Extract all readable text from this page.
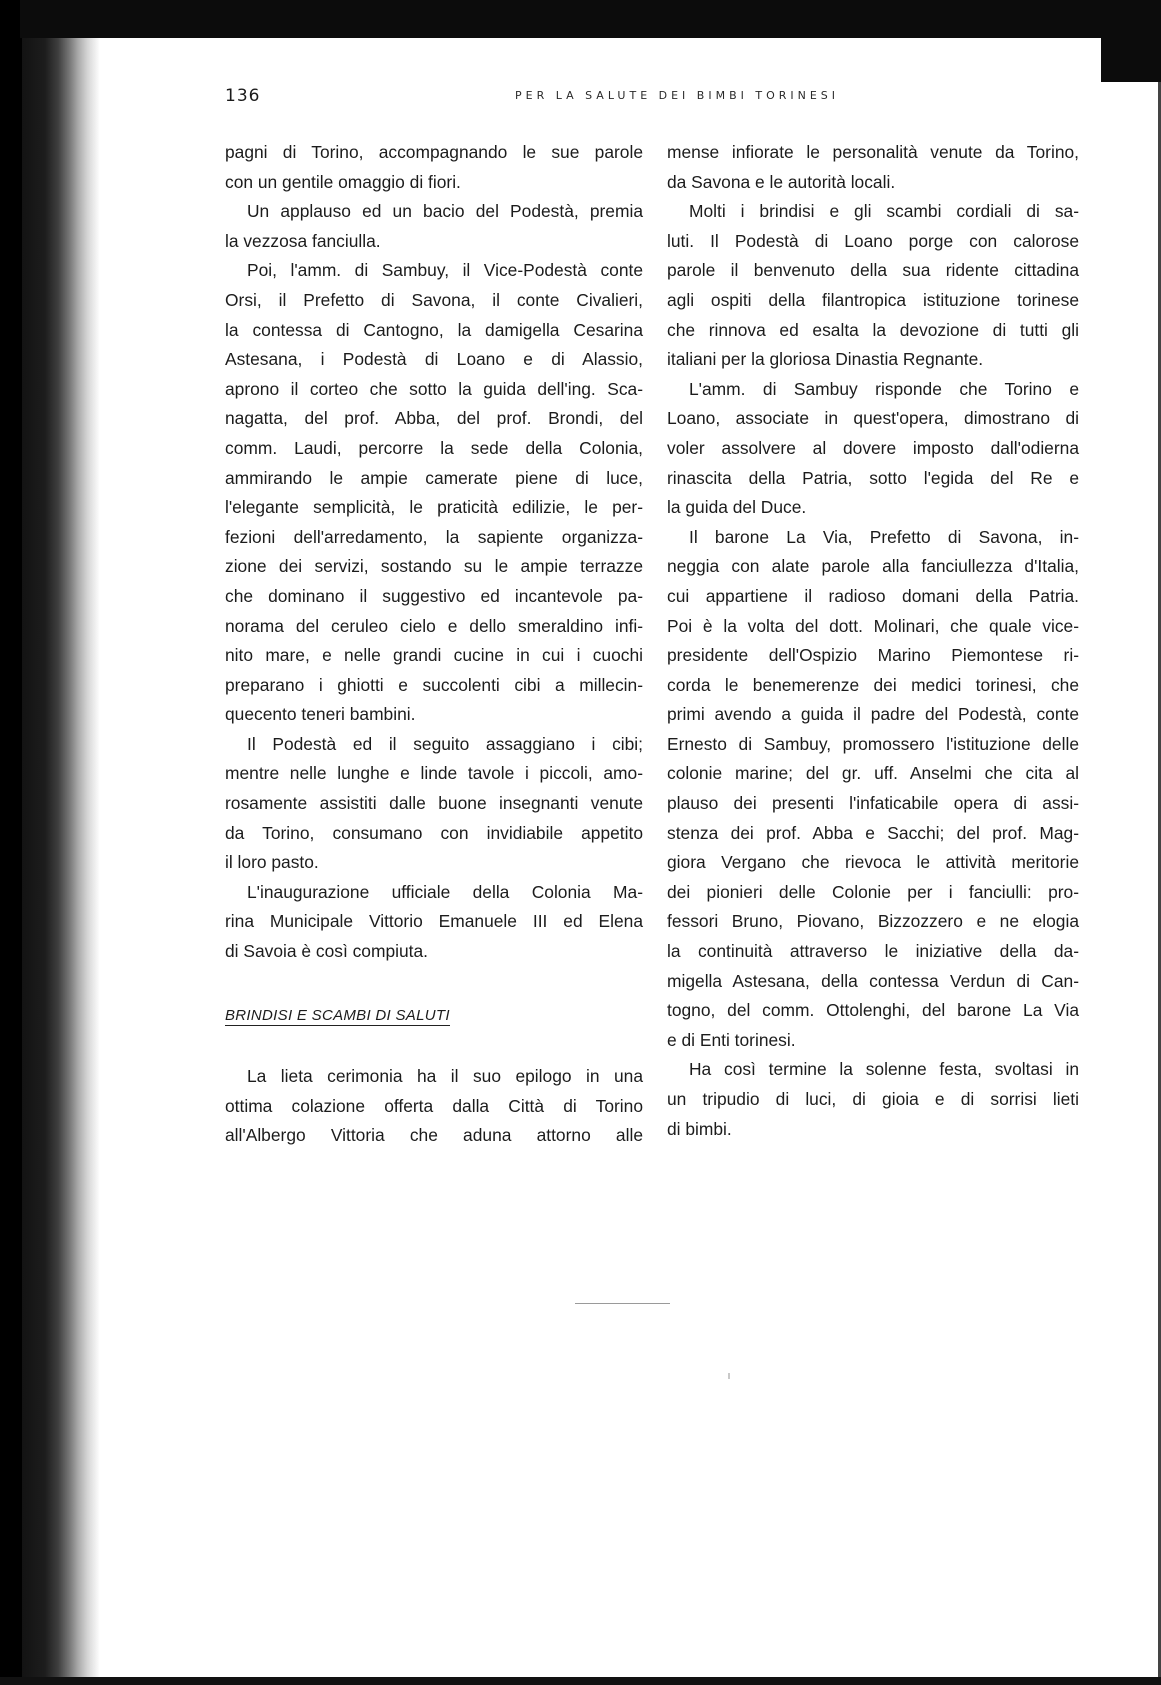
136	PER LA SALUTE DEI BIMBI TORINESI
pagni di Torino, accompagnando le sue parole
con un gentile omaggio di fiori.
Un applauso ed un bacio del Podestà, premia
la vezzosa fanciulla.
Poi, l'amm. di Sambuy, il Vice-Podestà conte
Orsi, il Prefetto di Savona, il conte Civalieri,
la contessa di Cantogno, la damigella Cesarina
Astesana, i Podestà di Loano e di Alassio,
aprono il corteo che sotto la guida dell'ing. Sca-
nagatta, del prof. Abba, del prof. Brondi, del
comm. Laudi, percorre la sede della Colonia,
ammirando le ampie camerate piene di luce,
l'elegante semplicità, le praticità edilizie, le per-
fezioni dell'arredamento, la sapiente organizza-
zione dei servizi, sostando su le ampie terrazze
che dominano il suggestivo ed incantevole pa-
norama del ceruleo cielo e dello smeraldino infi-
nito mare, e nelle grandi cucine in cui i cuochi
preparano i ghiotti e succolenti cibi a millecin-
quecento teneri bambini.
Il Podestà ed il seguito assaggiano i cibi;
mentre nelle lunghe e linde tavole i piccoli, amo-
rosamente assistiti dalle buone insegnanti venute
da Torino, consumano con invidiabile appetito
il loro pasto.
L'inaugurazione ufficiale della Colonia Ma-
rina Municipale Vittorio Emanuele III ed Elena
di Savoia è così compiuta.
BRINDISI E SCAMBI DI SALUTI
La lieta cerimonia ha il suo epilogo in una
ottima colazione offerta dalla Città di Torino
all'Albergo Vittoria che aduna attorno alle
mense infiorate le personalità venute da Torino,
da Savona e le autorità locali.
Molti i brindisi e gli scambi cordiali di sa-
luti. Il Podestà di Loano porge con calorose
parole il benvenuto della sua ridente cittadina
agli ospiti della filantropica istituzione torinese
che rinnova ed esalta la devozione di tutti gli
italiani per la gloriosa Dinastia Regnante.
L'amm. di Sambuy risponde che Torino e
Loano, associate in quest'opera, dimostrano di
voler assolvere al dovere imposto dall'odierna
rinascita della Patria, sotto l'egida del Re e
la guida del Duce.
Il barone La Via, Prefetto di Savona, in-
neggia con alate parole alla fanciullezza d'Italia,
cui appartiene il radioso domani della Patria.
Poi è la volta del dott. Molinari, che quale vice-
presidente dell'Ospizio Marino Piemontese ri-
corda le benemerenze dei medici torinesi, che
primi avendo a guida il padre del Podestà, conte
Ernesto di Sambuy, promossero l'istituzione delle
colonie marine; del gr. uff. Anselmi che cita al
plauso dei presenti l'infaticabile opera di assi-
stenza dei prof. Abba e Sacchi; del prof. Mag-
giora Vergano che rievoca le attività meritorie
dei pionieri delle Colonie per i fanciulli: pro-
fessori Bruno, Piovano, Bizzozzero e ne elogia
la continuità attraverso le iniziative della da-
migella Astesana, della contessa Verdun di Can-
togno, del comm. Ottolenghi, del barone La Via
e di Enti torinesi.
Ha così termine la solenne festa, svoltasi in
un tripudio di luci, di gioia e di sorrisi lieti
di bimbi.
